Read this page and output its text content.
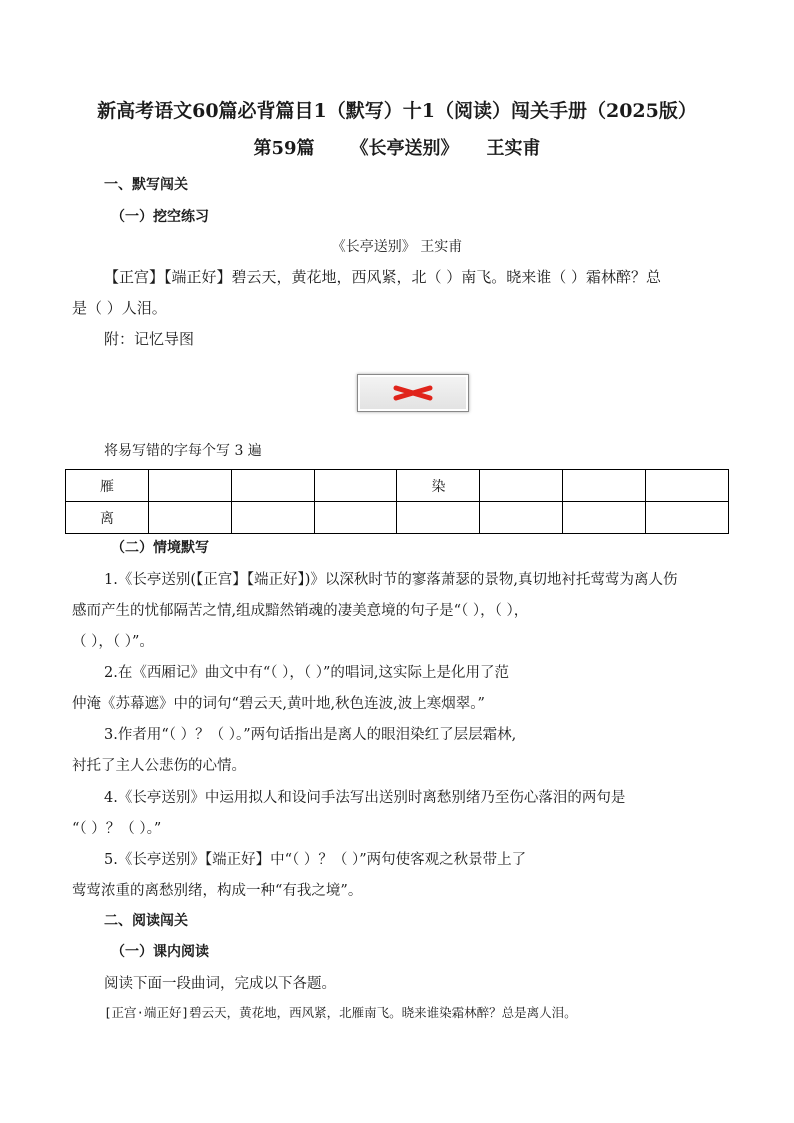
新高考语文60篇必背篇目1（默写）十1（阅读）闯关手册（2025版）
第59篇 《长亭送别》 王实甫
一、默写闯关
（一）挖空练习
《长亭送别》 王实甫
【正宫】【端正好】碧云天，黄花地，西风紧，北（ ）南飞。晓来谁（ ）霜林醉？总
是（ ）人泪。
附：记忆导图
将易写错的字每个写 3 遍
雁				染			
离							
（二）情境默写
1.《长亭送别(【正宫】【端正好】)》以深秋时节的寥落萧瑟的景物,真切地衬托莺莺为离人伤
感而产生的忧郁隔苦之情,组成黯然销魂的凄美意境的句子是“（ ），（ ），
（ ），（ ）”。
2.在《西厢记》曲文中有“（ ），（ ）”的唱词,这实际上是化用了范
仲淹《苏幕遮》中的词句“碧云天,黄叶地,秋色连波,波上寒烟翠。”
3.作者用“（ ）？（ ）。”两句话指出是离人的眼泪染红了层层霜林,
衬托了主人公悲伤的心情。
4.《长亭送别》中运用拟人和设问手法写出送别时离愁别绪乃至伤心落泪的两句是
“（ ）？（ ）。”
5.《长亭送别》【端正好】中“（ ）？（ ）”两句使客观之秋景带上了
莺莺浓重的离愁别绪，构成一种“有我之境”。
二、阅读闯关
（一）课内阅读
阅读下面一段曲词，完成以下各题。
[正宫·端正好]碧云天，黄花地，西风紧，北雁南飞。晓来谁染霜林醉？总是离人泪。
